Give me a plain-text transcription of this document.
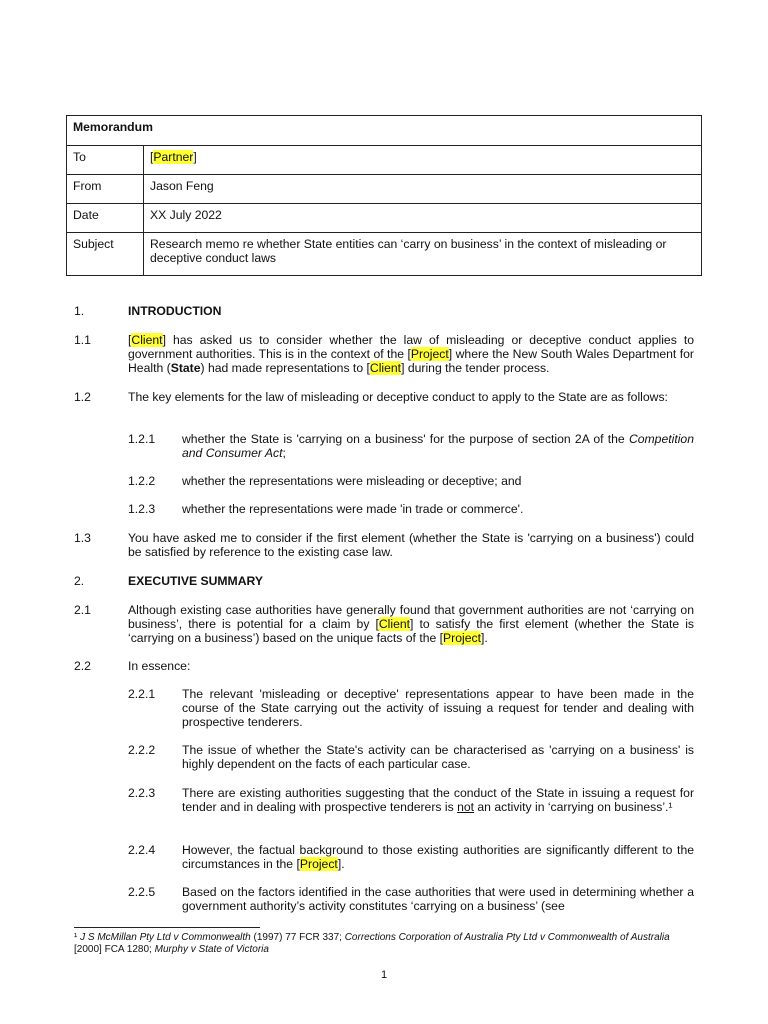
Memorandum	
To	[Partner]
From	Jason Feng
Date	XX July 2022
Subject	Research memo re whether State entities can ‘carry on business’ in the context of misleading or deceptive conduct laws
1.	INTRODUCTION
1.1	[Client] has asked us to consider whether the law of misleading or deceptive conduct applies to government authorities. This is in the context of the [Project] where the New South Wales Department for Health (State) had made representations to [Client] during the tender process.
1.2	The key elements for the law of misleading or deceptive conduct to apply to the State are as follows:
1.2.1 whether the State is 'carrying on a business' for the purpose of section 2A of the Competition and Consumer Act;
1.2.2 whether the representations were misleading or deceptive; and
1.2.3 whether the representations were made 'in trade or commerce'.
1.3	You have asked me to consider if the first element (whether the State is 'carrying on a business') could be satisfied by reference to the existing case law.
2.	EXECUTIVE SUMMARY
2.1	Although existing case authorities have generally found that government authorities are not ‘carrying on business’, there is potential for a claim by [Client] to satisfy the first element (whether the State is ‘carrying on a business’) based on the unique facts of the [Project].
2.2	In essence:
2.2.1 The relevant 'misleading or deceptive' representations appear to have been made in the course of the State carrying out the activity of issuing a request for tender and dealing with prospective tenderers.
2.2.2 The issue of whether the State's activity can be characterised as 'carrying on a business' is highly dependent on the facts of each particular case.
2.2.3 There are existing authorities suggesting that the conduct of the State in issuing a request for tender and in dealing with prospective tenderers is not an activity in ‘carrying on business’.¹
2.2.4 However, the factual background to those existing authorities are significantly different to the circumstances in the [Project].
2.2.5 Based on the factors identified in the case authorities that were used in determining whether a government authority’s activity constitutes ‘carrying on a business’ (see
¹ J S McMillan Pty Ltd v Commonwealth (1997) 77 FCR 337; Corrections Corporation of Australia Pty Ltd v Commonwealth of Australia [2000] FCA 1280; Murphy v State of Victoria
1
